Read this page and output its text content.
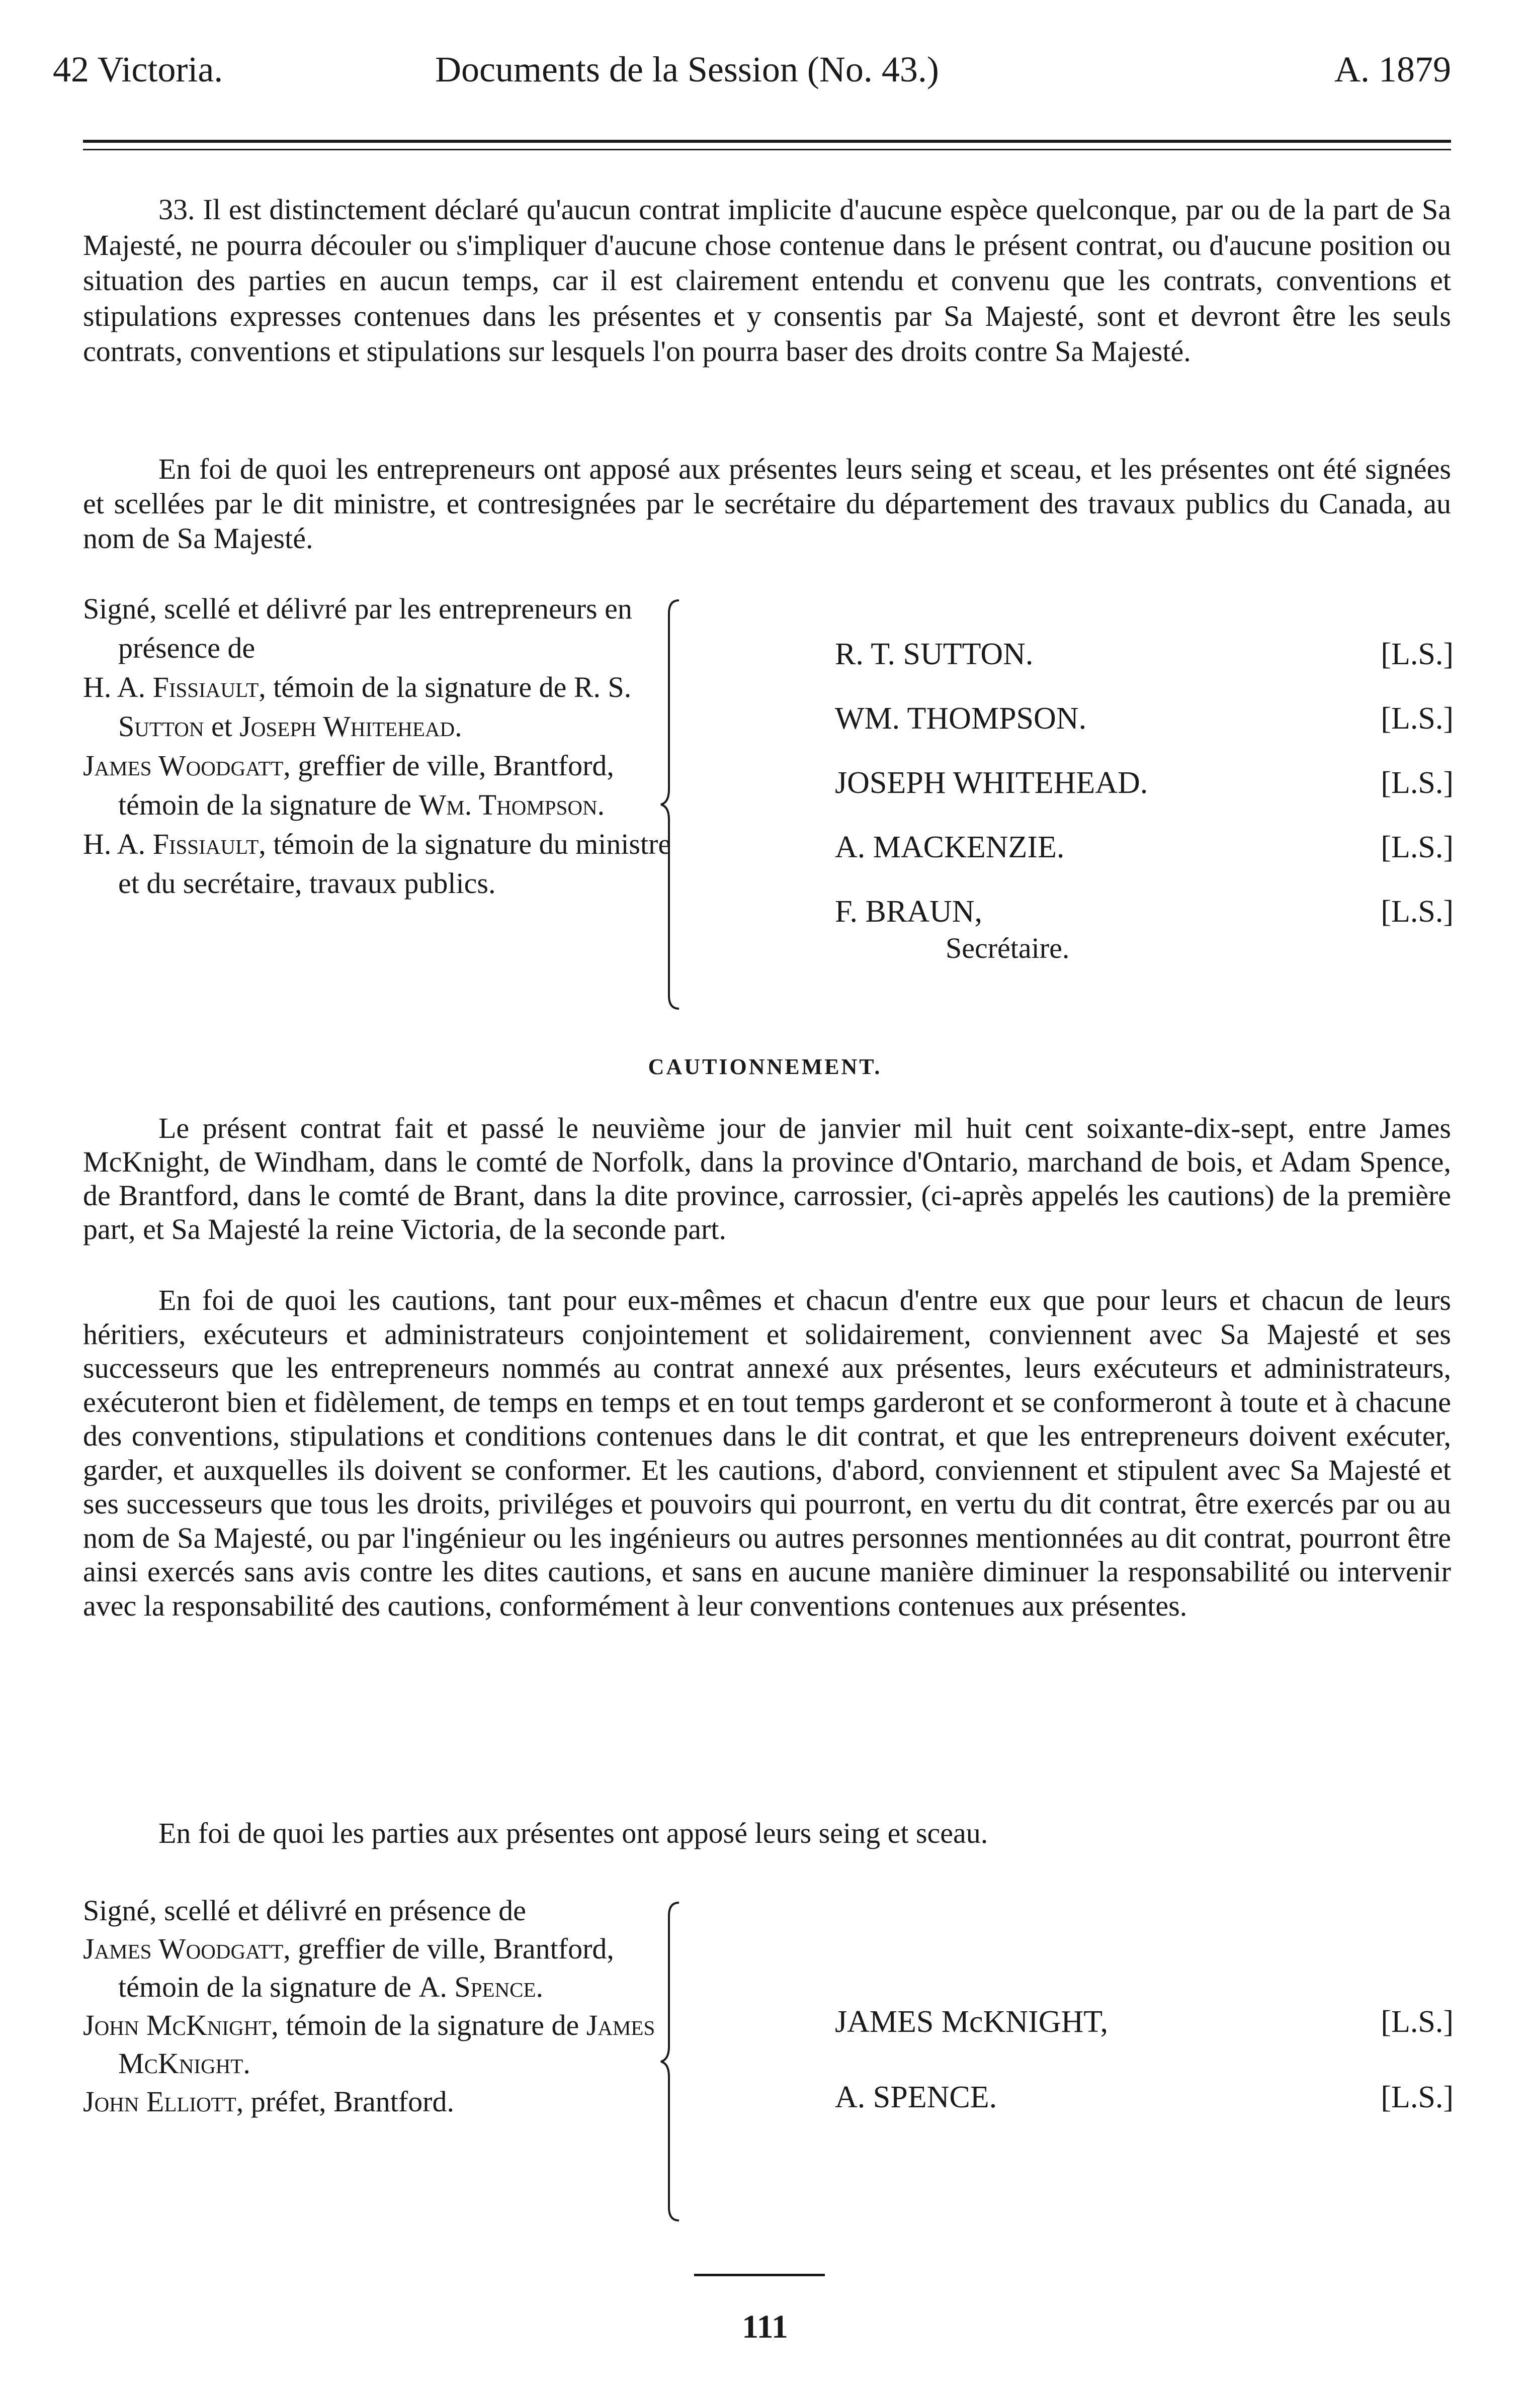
42 Victoria.	Documents de la Session (No. 43.)	A. 1879

33. Il est distinctement déclaré qu'aucun contrat implicite d'aucune espèce quelconque, par ou de la part de Sa Majesté, ne pourra découler ou s'impliquer d'aucune chose contenue dans le présent contrat, ou d'aucune position ou situation des parties en aucun temps, car il est clairement entendu et convenu que les contrats, conventions et stipulations expresses contenues dans les présentes et y consentis par Sa Majesté, sont et devront être les seuls contrats, conventions et stipulations sur lesquels l'on pourra baser des droits contre Sa Majesté.

En foi de quoi les entrepreneurs ont apposé aux présentes leurs seing et sceau, et les présentes ont été signées et scellées par le dit ministre, et contresignées par le secrétaire du département des travaux publics du Canada, au nom de Sa Majesté.

Signé, scellé et délivré par les entrepreneurs en présence de

H. A. Fissiault, témoin de la signature de R. S. Sutton et Joseph Whitehead.

James Woodgatt, greffier de ville, Brantford, témoin de la signature de Wm. Thompson.

H. A. Fissiault, témoin de la signature du ministre et du secrétaire, travaux publics.

R. T. SUTTON.	[L.S.]
WM. THOMPSON.	[L.S.]
JOSEPH WHITEHEAD.	[L.S.]
A. MACKENZIE.	[L.S.]
F. BRAUN,	[L.S.]
Secrétaire.
CAUTIONNEMENT.

Le présent contrat fait et passé le neuvième jour de janvier mil huit cent soixante-dix-sept, entre James McKnight, de Windham, dans le comté de Norfolk, dans la province d'Ontario, marchand de bois, et Adam Spence, de Brantford, dans le comté de Brant, dans la dite province, carrossier, (ci-après appelés les cautions) de la première part, et Sa Majesté la reine Victoria, de la seconde part.

En foi de quoi les cautions, tant pour eux-mêmes et chacun d'entre eux que pour leurs et chacun de leurs héritiers, exécuteurs et administrateurs conjointement et solidairement, conviennent avec Sa Majesté et ses successeurs que les entrepreneurs nommés au contrat annexé aux présentes, leurs exécuteurs et administrateurs, exécuteront bien et fidèlement, de temps en temps et en tout temps garderont et se conformeront à toute et à chacune des conventions, stipulations et conditions contenues dans le dit contrat, et que les entrepreneurs doivent exécuter, garder, et auxquelles ils doivent se conformer. Et les cautions, d'abord, conviennent et stipulent avec Sa Majesté et ses successeurs que tous les droits, priviléges et pouvoirs qui pourront, en vertu du dit contrat, être exercés par ou au nom de Sa Majesté, ou par l'ingénieur ou les ingénieurs ou autres personnes mentionnées au dit contrat, pourront être ainsi exercés sans avis contre les dites cautions, et sans en aucune manière diminuer la responsabilité ou intervenir avec la responsabilité des cautions, conformément à leur conventions contenues aux présentes.

En foi de quoi les parties aux présentes ont apposé leurs seing et sceau.

Signé, scellé et délivré en présence de

James Woodgatt, greffier de ville, Brantford, témoin de la signature de A. Spence.

John McKnight, témoin de la signature de James McKnight.

John Elliott, préfet, Brantford.

JAMES McKNIGHT,	[L.S.]
A. SPENCE.	[L.S.]
111
